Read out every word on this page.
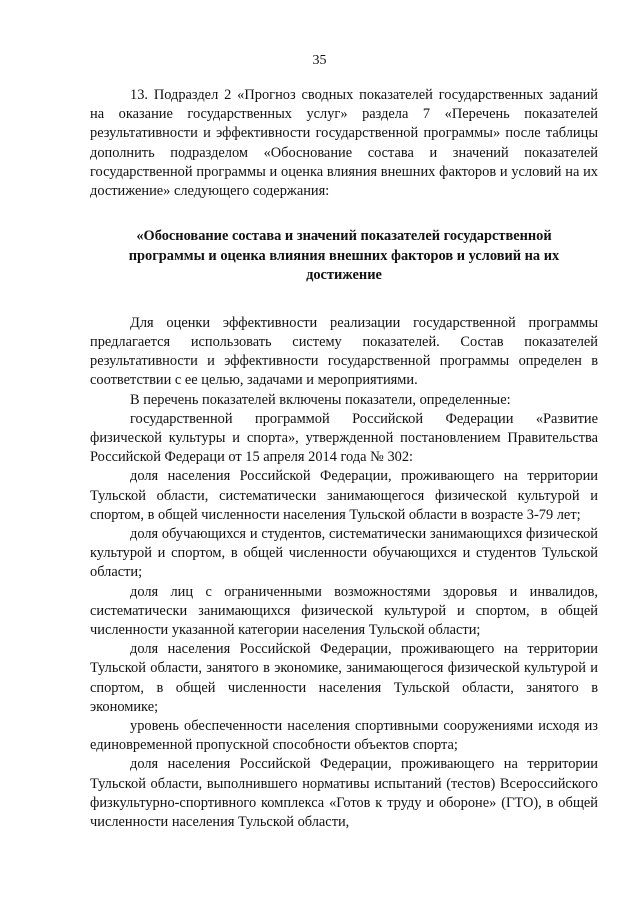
35

13. Подраздел 2 «Прогноз сводных показателей государственных заданий на оказание государственных услуг» раздела 7 «Перечень показателей результативности и эффективности государственной программы» после таблицы дополнить подразделом «Обоснование состава и значений показателей государственной программы и оценка влияния внешних факторов и условий на их достижение» следующего содержания:

«Обоснование состава и значений показателей государственной программы и оценка влияния внешних факторов и условий на их достижение

Для оценки эффективности реализации государственной программы предлагается использовать систему показателей. Состав показателей результативности и эффективности государственной программы определен в соответствии с ее целью, задачами и мероприятиями.

В перечень показателей включены показатели, определенные:

государственной программой Российской Федерации «Развитие физической культуры и спорта», утвержденной постановлением Правительства Российской Федераци от 15 апреля 2014 года № 302:

доля населения Российской Федерации, проживающего на территории Тульской области, систематически занимающегося физической культурой и спортом, в общей численности населения Тульской области в возрасте 3-79 лет;

доля обучающихся и студентов, систематически занимающихся физической культурой и спортом, в общей численности обучающихся и студентов Тульской области;

доля лиц с ограниченными возможностями здоровья и инвалидов, систематически занимающихся физической культурой и спортом, в общей численности указанной категории населения Тульской области;

доля населения Российской Федерации, проживающего на территории Тульской области, занятого в экономике, занимающегося физической культурой и спортом, в общей численности населения Тульской области, занятого в экономике;

уровень обеспеченности населения спортивными сооружениями исходя из единовременной пропускной способности объектов спорта;

доля населения Российской Федерации, проживающего на территории Тульской области, выполнившего нормативы испытаний (тестов) Всероссийского физкультурно-спортивного комплекса «Готов к труду и обороне» (ГТО), в общей численности населения Тульской области,
